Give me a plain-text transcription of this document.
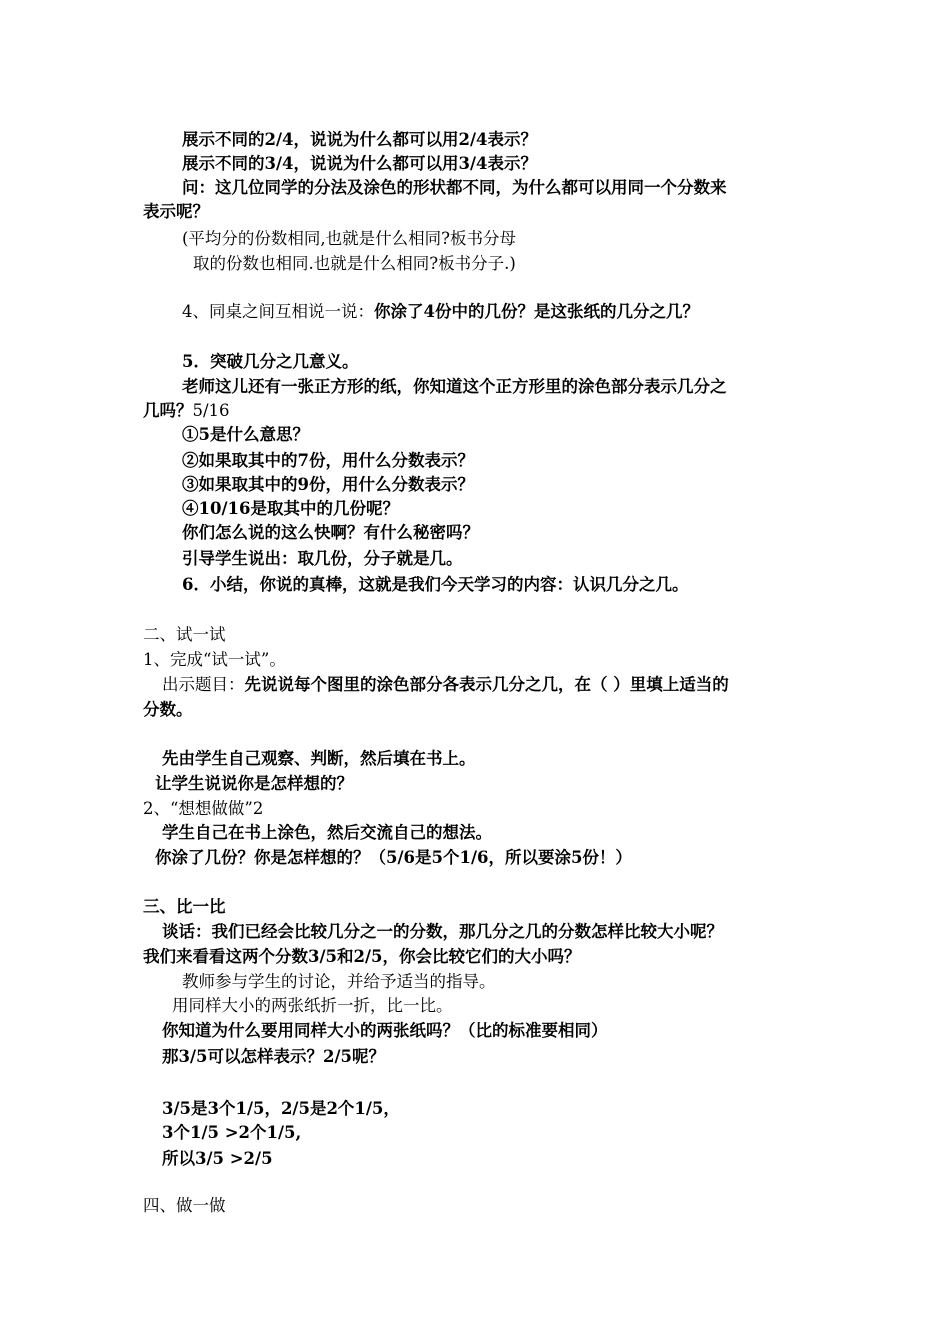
展示不同的2/4，说说为什么都可以用2/4表示？
展示不同的3/4，说说为什么都可以用3/4表示？
问：这几位同学的分法及涂色的形状都不同，为什么都可以用同一个分数来
表示呢？
(平均分的份数相同,也就是什么相同?板书分母
取的份数也相同.也就是什么相同?板书分子.)
4、同桌之间互相说一说：你涂了4份中的几份？是这张纸的几分之几？
5．突破几分之几意义。
老师这儿还有一张正方形的纸，你知道这个正方形里的涂色部分表示几分之
几吗？5/16
①5是什么意思？
②如果取其中的7份，用什么分数表示？
③如果取其中的9份，用什么分数表示？
④10/16是取其中的几份呢？
你们怎么说的这么快啊？有什么秘密吗？
引导学生说出：取几份，分子就是几。
6．小结，你说的真棒，这就是我们今天学习的内容：认识几分之几。
二、试一试
1、完成“试一试”。
出示题目：先说说每个图里的涂色部分各表示几分之几，在（ ）里填上适当的
分数。
先由学生自己观察、判断，然后填在书上。
让学生说说你是怎样想的？
2、“想想做做”2
学生自己在书上涂色，然后交流自己的想法。
你涂了几份？你是怎样想的？（5/6是5个1/6，所以要涂5份！）
三、比一比
谈话：我们已经会比较几分之一的分数，那几分之几的分数怎样比较大小呢？
我们来看看这两个分数3/5和2/5，你会比较它们的大小吗？
教师参与学生的讨论，并给予适当的指导。
用同样大小的两张纸折一折，比一比。
你知道为什么要用同样大小的两张纸吗？（比的标准要相同）
那3/5可以怎样表示？2/5呢？
3/5是3个1/5，2/5是2个1/5，
3个1/5 >2个1/5,
所以3/5 >2/5
四、做一做
